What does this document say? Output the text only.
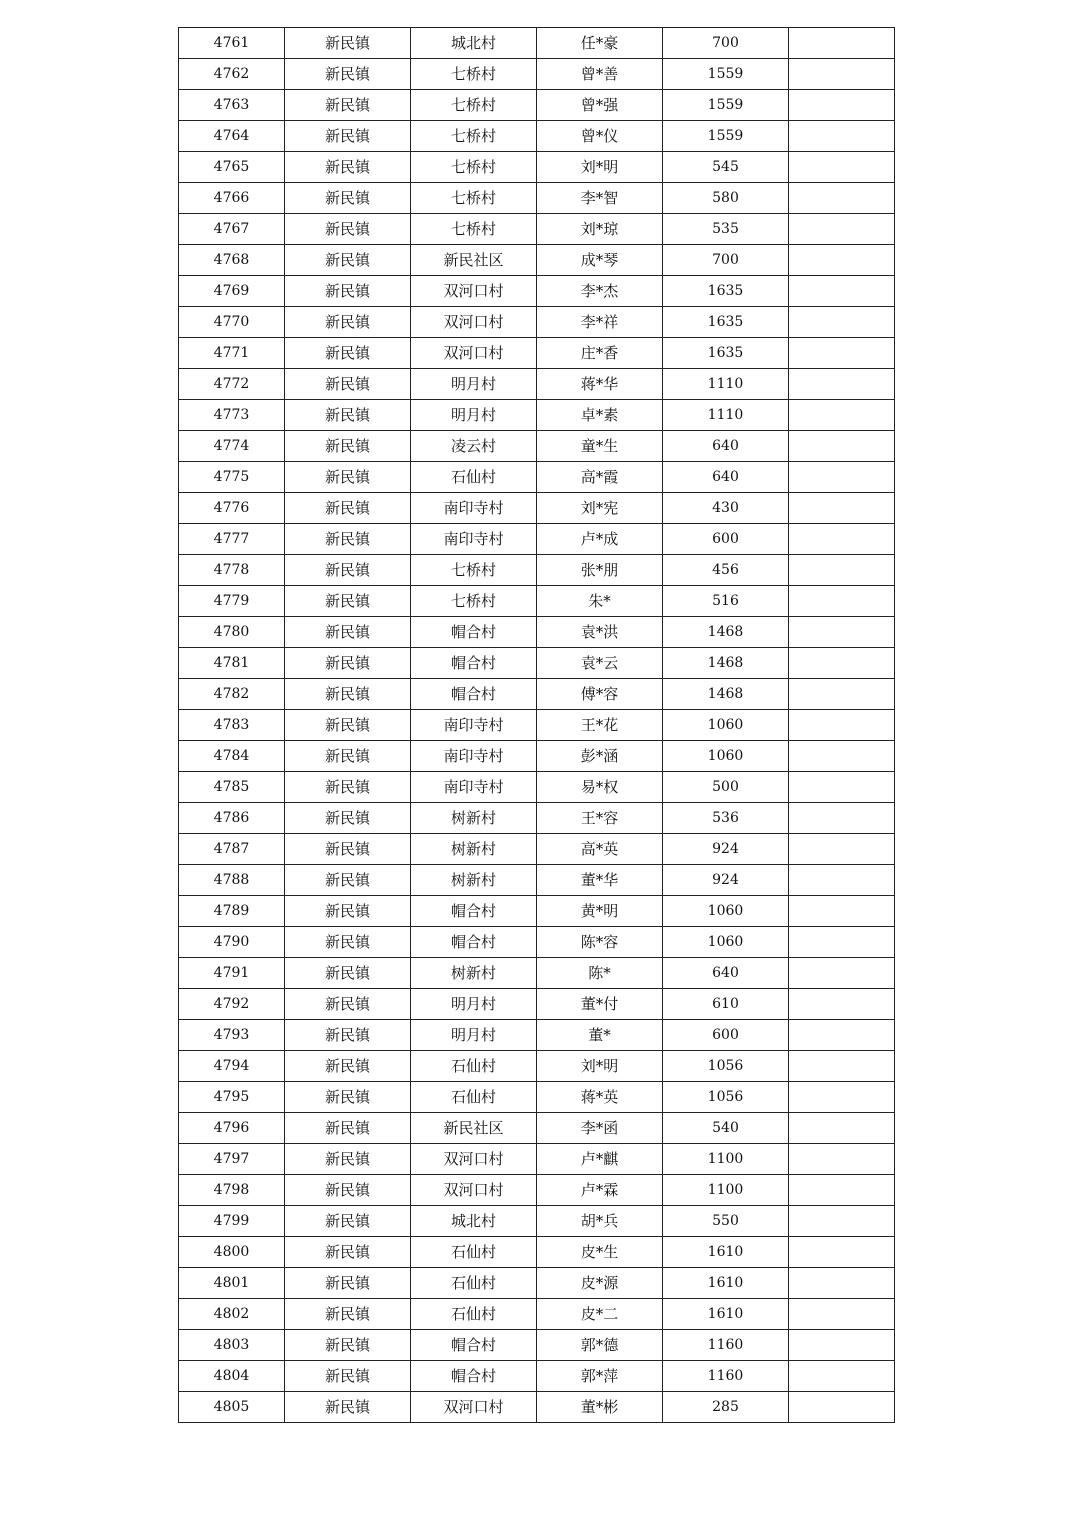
4761	新民镇	城北村	任*豪	700	
4762	新民镇	七桥村	曾*善	1559	
4763	新民镇	七桥村	曾*强	1559	
4764	新民镇	七桥村	曾*仪	1559	
4765	新民镇	七桥村	刘*明	545	
4766	新民镇	七桥村	李*智	580	
4767	新民镇	七桥村	刘*琼	535	
4768	新民镇	新民社区	成*琴	700	
4769	新民镇	双河口村	李*杰	1635	
4770	新民镇	双河口村	李*祥	1635	
4771	新民镇	双河口村	庄*香	1635	
4772	新民镇	明月村	蒋*华	1110	
4773	新民镇	明月村	卓*素	1110	
4774	新民镇	凌云村	童*生	640	
4775	新民镇	石仙村	高*霞	640	
4776	新民镇	南印寺村	刘*宪	430	
4777	新民镇	南印寺村	卢*成	600	
4778	新民镇	七桥村	张*朋	456	
4779	新民镇	七桥村	朱*	516	
4780	新民镇	帽合村	袁*洪	1468	
4781	新民镇	帽合村	袁*云	1468	
4782	新民镇	帽合村	傅*容	1468	
4783	新民镇	南印寺村	王*花	1060	
4784	新民镇	南印寺村	彭*涵	1060	
4785	新民镇	南印寺村	易*权	500	
4786	新民镇	树新村	王*容	536	
4787	新民镇	树新村	高*英	924	
4788	新民镇	树新村	董*华	924	
4789	新民镇	帽合村	黄*明	1060	
4790	新民镇	帽合村	陈*容	1060	
4791	新民镇	树新村	陈*	640	
4792	新民镇	明月村	董*付	610	
4793	新民镇	明月村	董*	600	
4794	新民镇	石仙村	刘*明	1056	
4795	新民镇	石仙村	蒋*英	1056	
4796	新民镇	新民社区	李*函	540	
4797	新民镇	双河口村	卢*麒	1100	
4798	新民镇	双河口村	卢*霖	1100	
4799	新民镇	城北村	胡*兵	550	
4800	新民镇	石仙村	皮*生	1610	
4801	新民镇	石仙村	皮*源	1610	
4802	新民镇	石仙村	皮*二	1610	
4803	新民镇	帽合村	郭*德	1160	
4804	新民镇	帽合村	郭*萍	1160	
4805	新民镇	双河口村	董*彬	285	
